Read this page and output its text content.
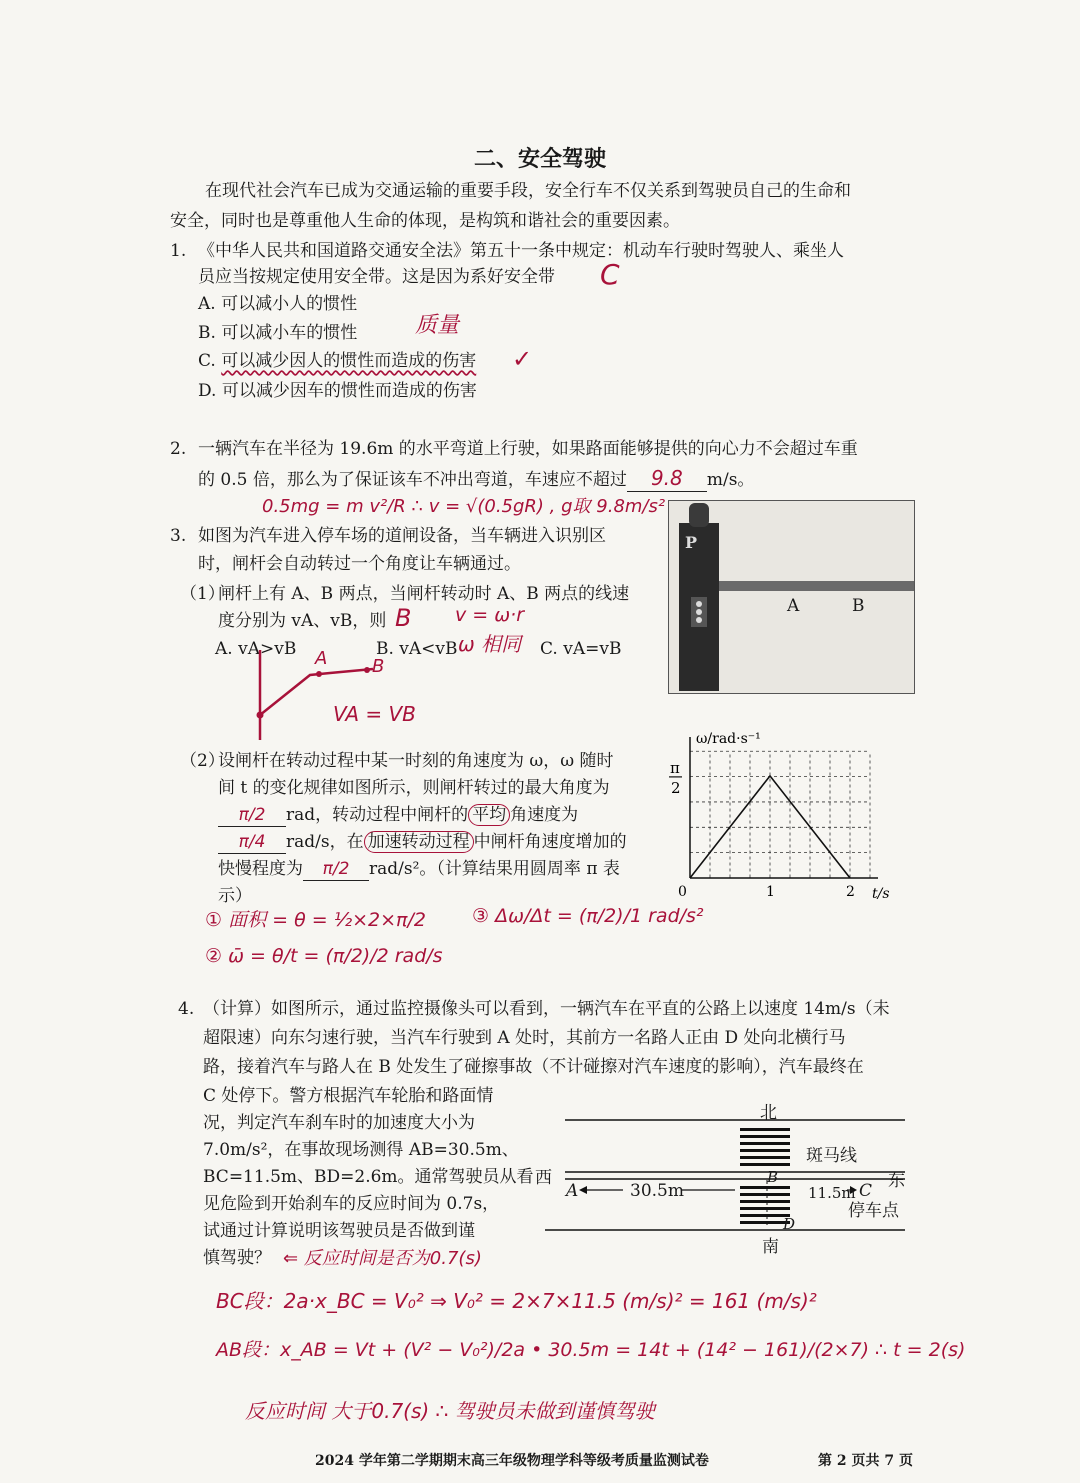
二、安全驾驶
在现代社会汽车已成为交通运输的重要手段，安全行车不仅关系到驾驶员自己的生命和
安全，同时也是尊重他人生命的体现，是构筑和谐社会的重要因素。
1. 《中华人民共和国道路交通安全法》第五十一条中规定：机动车行驶时驾驶人、乘坐人
员应当按规定使用安全带。这是因为系好安全带 C
A. 可以减小人的惯性
B. 可以减小车的惯性	质量
C. 可以减少因人的惯性而造成的伤害 ✓
D. 可以减少因车的惯性而造成的伤害
2. 一辆汽车在半径为 19.6m 的水平弯道上行驶，如果路面能够提供的向心力不会超过车重
的 0.5 倍，那么为了保证该车不冲出弯道，车速应不超过 9.8 m/s。
0.5mg = m v²/R ∴ v = √(0.5gR) , g取 9.8m/s²
3. 如图为汽车进入停车场的道闸设备，当车辆进入识别区
时，闸杆会自动转过一个角度让车辆通过。
（1）
闸杆上有 A、B 两点，当闸杆转动时 A、B 两点的线速
度分别为 vA、vB，则 B v = ω·r
A. vA>vB	B. vA<vB ω 相同 C. vA=vB
A B
VA = VB
P
A	B
（2）
设闸杆在转动过程中某一时刻的角速度为 ω，ω 随时
间 t 的变化规律如图所示，则闸杆转过的最大角度为
π/2 rad，转动过程中闸杆的 平均 角速度为
π/4 rad/s，在 加速转动过程 中闸杆角速度增加的
快慢程度为 π/2 rad/s²。（计算结果用圆周率 π 表
示）
① 面积 = θ = ½×2×π/2 ③ Δω/Δt = (π/2)/1 rad/s²
② ω̄ = θ/t = (π/2)/2 rad/s
ω/rad·s⁻¹
t/s
π
2
0	1	2
4. （计算）如图所示，通过监控摄像头可以看到，一辆汽车在平直的公路上以速度 14m/s（未
超限速）向东匀速行驶，当汽车行驶到 A 处时，其前方一名路人正由 D 处向北横行马
路，接着汽车与路人在 B 处发生了碰擦事故（不计碰擦对汽车速度的影响），汽车最终在
C 处停下。警方根据汽车轮胎和路面情
况，判定汽车刹车时的加速度大小为
7.0m/s²，在事故现场测得 AB=30.5m、
BC=11.5m、BD=2.6m。通常驾驶员从看
见危险到开始刹车的反应时间为 0.7s，
试通过计算说明该驾驶员是否做到谨
慎驾驶？ ⇐ 反应时间是否为0.7(s)
北
南
西	东
斑马线
停车点
A
B
C
D
30.5m	11.5m
BC段：2a·x_BC = V₀² ⇒ V₀² = 2×7×11.5 (m/s)² = 161 (m/s)²
AB段：x_AB = Vt + (V² − V₀²)/2a • 30.5m = 14t + (14² − 161)/(2×7) ∴ t = 2(s)
反应时间 大于0.7(s) ∴ 驾驶员未做到谨慎驾驶
2024 学年第二学期期末高三年级物理学科等级考质量监测试卷	第 2 页共 7 页
